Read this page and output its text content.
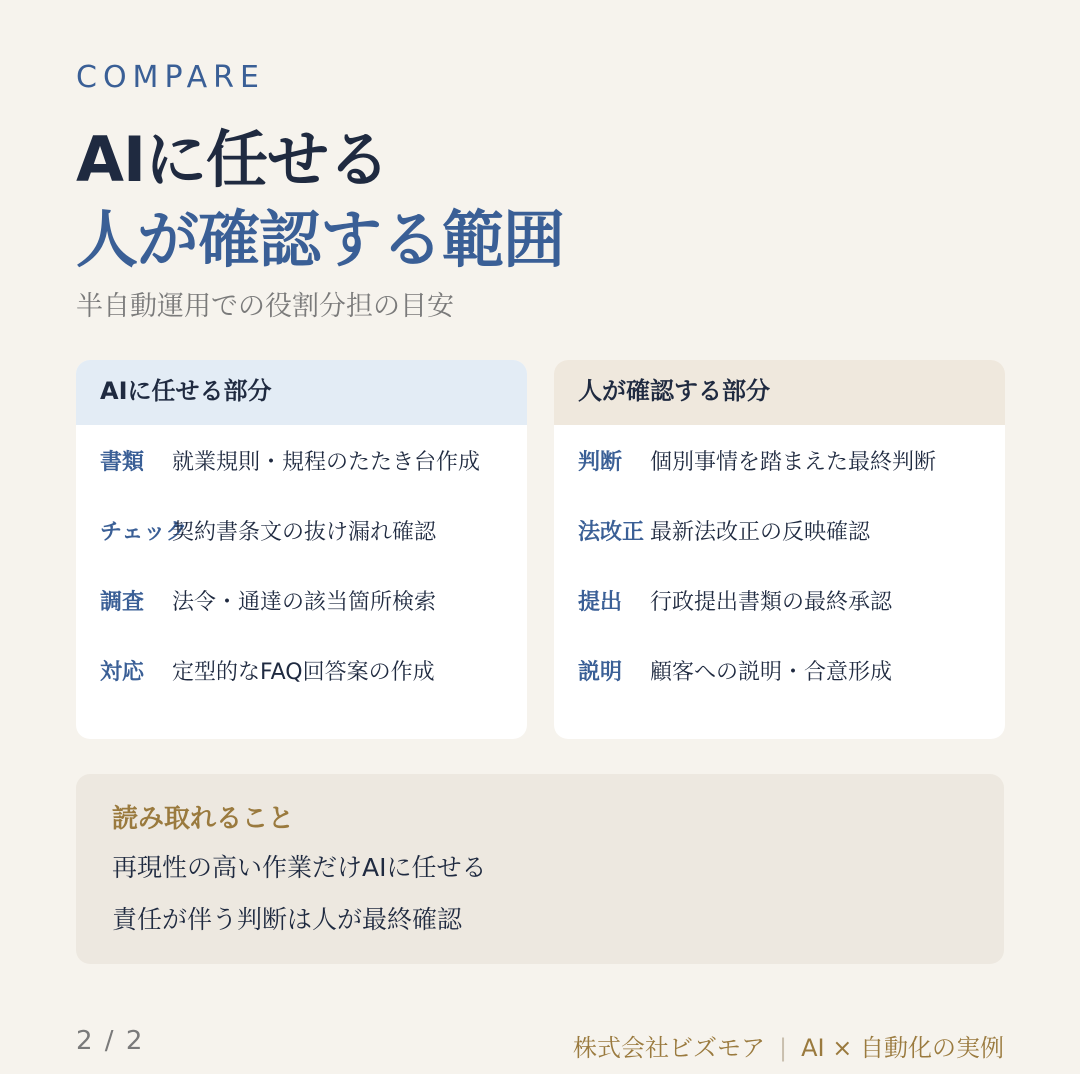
COMPARE
AIに任せる
人が確認する範囲
半自動運用での役割分担の目安
AIに任せる部分
書類 就業規則・規程のたたき台作成
チェック
契約書条文の抜け漏れ確認
調査 法令・通達の該当箇所検索
対応 定型的なFAQ回答案の作成
人が確認する部分
判断 個別事情を踏まえた最終判断
法改正 最新法改正の反映確認
提出 行政提出書類の最終承認
説明 顧客への説明・合意形成
読み取れること
再現性の高い作業だけAIに任せる
責任が伴う判断は人が最終確認
2 / 2	株式会社ビズモア | AI × 自動化の実例
